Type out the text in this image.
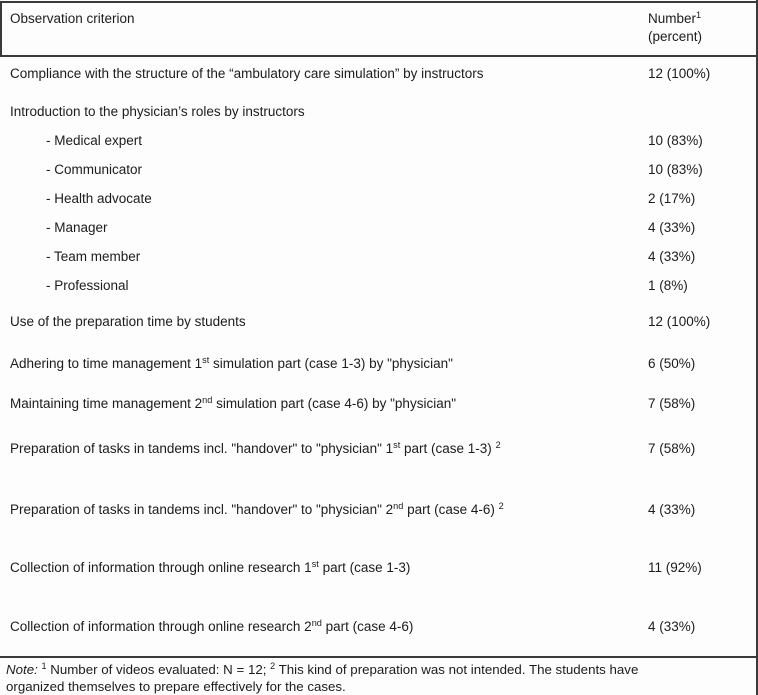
Observation criterion	Number$^1$
(percent)
Compliance with the structure of the “ambulatory care simulation” by instructors	12 (100%)
Introduction to the physician’s roles by instructors
- Medical expert	10 (83%)
- Communicator	10 (83%)
- Health advocate	2 (17%)
- Manager	4 (33%)
- Team member	4 (33%)
- Professional	1 (8%)
Use of the preparation time by students	12 (100%)
Adhering to time management 1st simulation part (case 1-3) by "physician"	6 (50%)
Maintaining time management 2nd simulation part (case 4-6) by "physician"	7 (58%)
Preparation of tasks in tandems incl. "handover" to "physician" 1st part (case 1-3) $^2$	7 (58%)
Preparation of tasks in tandems incl. "handover" to "physician" 2nd part (case 4-6) $^2$	4 (33%)
Collection of information through online research 1st part (case 1-3)	11 (92%)
Collection of information through online research 2nd part (case 4-6)	4 (33%)
Note: $^1$ Number of videos evaluated: N = 12; $^2$ This kind of preparation was not intended. The students have
organized themselves to prepare effectively for the cases.
